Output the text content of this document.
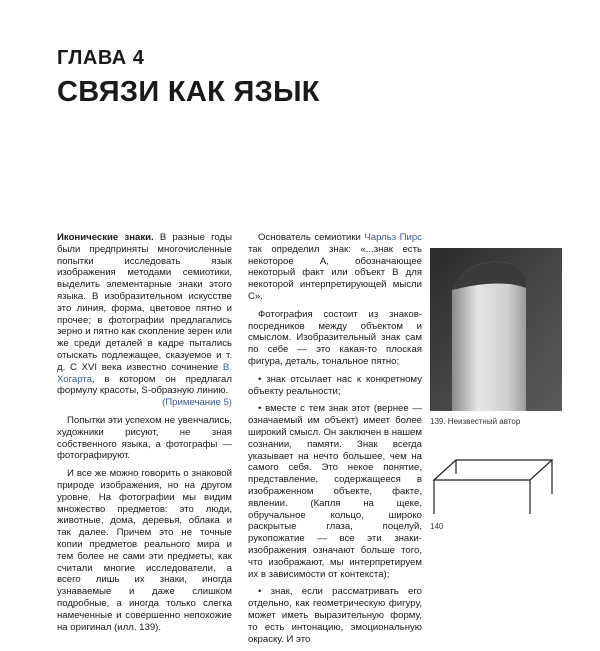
ГЛАВА 4
СВЯЗИ КАК ЯЗЫК

Иконические знаки. В разные годы были предприняты многочисленные попытки исследовать язык изображения методами семиотики, выделить элементарные знаки этого языка. В изобразительном искусстве это линия, форма, цветовое пятно и прочее; в фотографии предлагались зерно и пятно как скопление зерен или же среди деталей в кадре пытались отыскать подлежащее, сказуемое и т. д. С XVI века известно сочинение В. Хогарта, в котором он предлагал формулу красоты, S-образную линию.
(Примечание 5)

Попытки эти успехом не увенчались, художники рисуют, не зная собственного языка, а фотографы — фотографируют.

И все же можно говорить о знаковой природе изображения, но на другом уровне. На фотографии мы видим множество предметов: это люди, животные, дома, деревья, облака и так далее. Причем это не точные копии предметов реального мира и тем более не сами эти предметы, как считали многие исследователи, а всего лишь их знаки, иногда узнаваемые и даже слишком подробные, а иногда только слегка намеченные и совершенно непохожие на оригинал (илл. 139).

Основатель семиотики Чарльз Пирс так определил знак: «...знак есть некоторое А, обозначающее некоторый факт или объект В для некоторой интерпретирующей мысли С».

Фотография состоит из знаков-посредников между объектом и смыслом. Изобразительный знак сам по себе — это какая-то плоская фигура, деталь, тональное пятно;

• знак отсылает нас к конкретному объекту реальности;

• вместе с тем знак этот (вернее — означаемый им объект) имеет более широкий смысл. Он заключен в нашем сознании, памяти. Знак всегда указывает на нечто большее, чем на самого себя. Это некое понятие, представление, содержащееся в изображенном объекте, факте, явлении. (Капля на щеке, обручальное кольцо, широко раскрытые глаза, поцелуй, рукопожатие — все эти знаки-изображения означают больше того, что изображают, мы интерпретируем их в зависимости от контекста);

• знак, если рассматривать его отдельно, как геометрическую фигуру, может иметь выразительную форму, то есть интонацию, эмоциональную окраску. И это

139. Неизвестный автор
140
